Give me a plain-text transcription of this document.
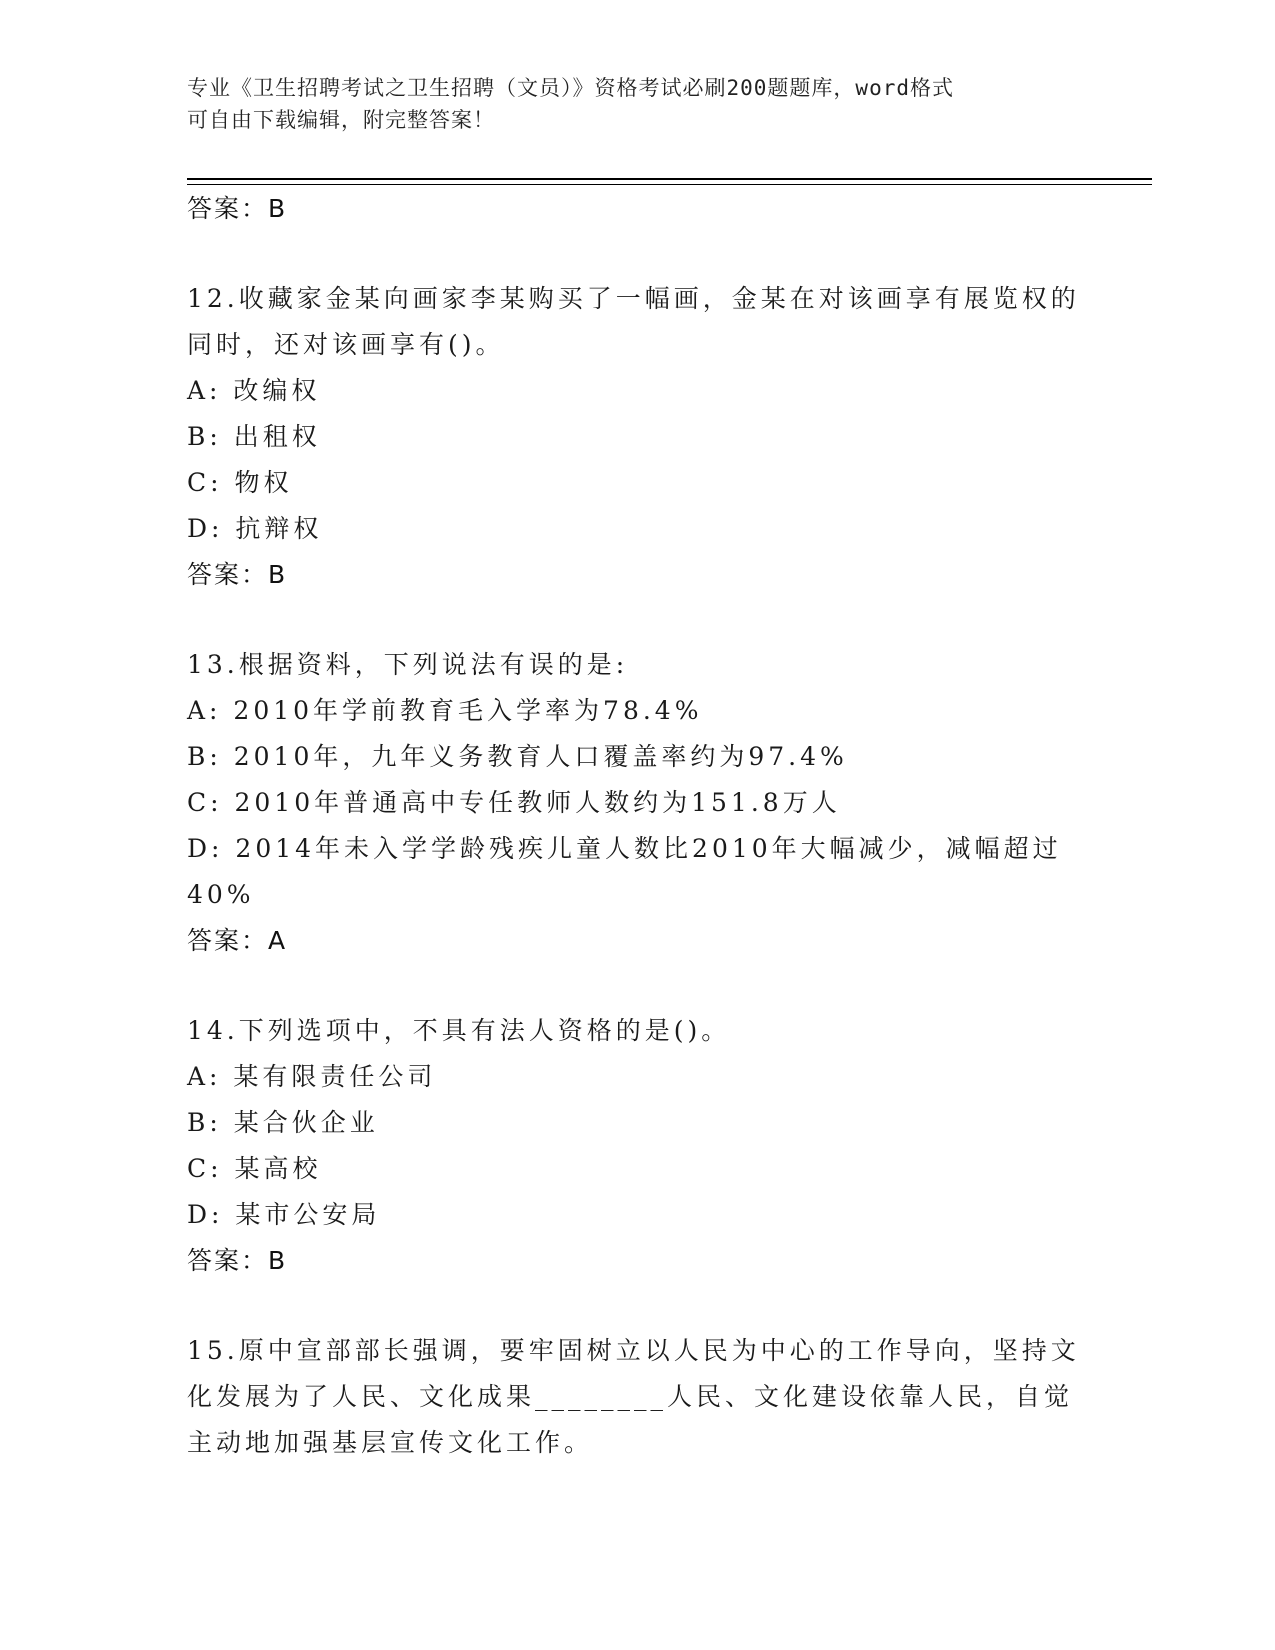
专业《卫生招聘考试之卫生招聘（文员）》资格考试必刷200题题库，word格式
可自由下载编辑，附完整答案！

答案：B

12.收藏家金某向画家李某购买了一幅画，金某在对该画享有展览权的

同时，还对该画享有()。

A: 改编权

B: 出租权

C: 物权

D: 抗辩权

答案：B

13.根据资料，下列说法有误的是:

A: 2010年学前教育毛入学率为78.4%

B: 2010年，九年义务教育人口覆盖率约为97.4%

C: 2010年普通高中专任教师人数约为151.8万人

D: 2014年未入学学龄残疾儿童人数比2010年大幅减少，减幅超过

40%

答案：A

14.下列选项中，不具有法人资格的是()。

A: 某有限责任公司

B: 某合伙企业

C: 某高校

D: 某市公安局

答案：B

15.原中宣部部长强调，要牢固树立以人民为中心的工作导向，坚持文

化发展为了人民、文化成果________人民、文化建设依靠人民，自觉

主动地加强基层宣传文化工作。
